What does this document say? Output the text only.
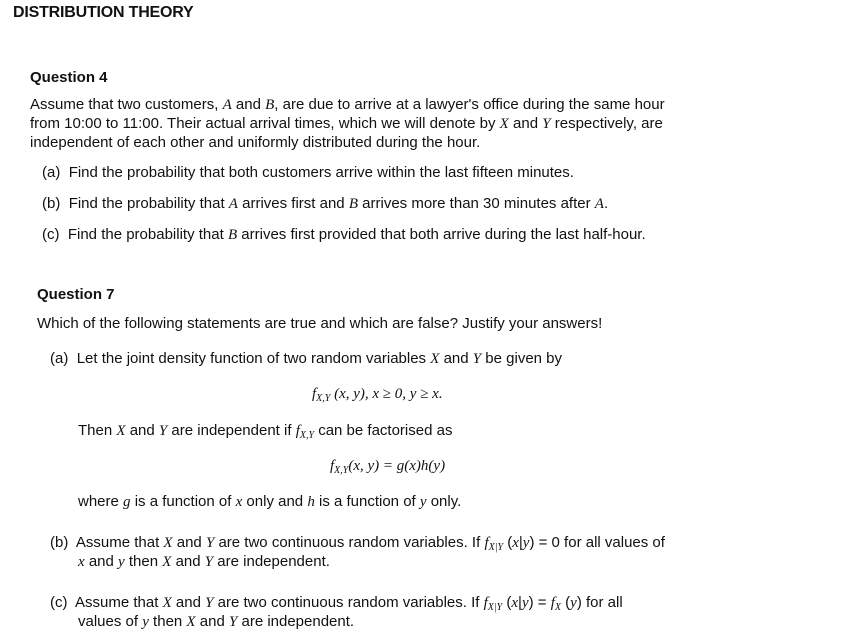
DISTRIBUTION THEORY
Question 4
Assume that two customers, A and B, are due to arrive at a lawyer's office during the same hour
from 10:00 to 11:00. Their actual arrival times, which we will denote by X and Y respectively, are
independent of each other and uniformly distributed during the hour.
(a) Find the probability that both customers arrive within the last fifteen minutes.
(b) Find the probability that A arrives first and B arrives more than 30 minutes after A.
(c) Find the probability that B arrives first provided that both arrive during the last half-hour.
Question 7
Which of the following statements are true and which are false? Justify your answers!
(a) Let the joint density function of two random variables X and Y be given by
$f_{X,Y}$ (x, y), x ≥ 0, y ≥ x.
Then X and Y are independent if $f_{X,Y}$ can be factorised as
$f_{X,Y}(x$, y) = g(x)h(y)
where g is a function of x only and h is a function of y only.
(b) Assume that X and Y are two continuous random variables. If $f_{X|Y}$ (x|y) = 0 for all values of
x and y then X and Y are independent.
(c) Assume that X and Y are two continuous random variables. If $f_{X|Y}$ $(x|y) = f_X$ (y) for all
values of y then X and Y are independent.
